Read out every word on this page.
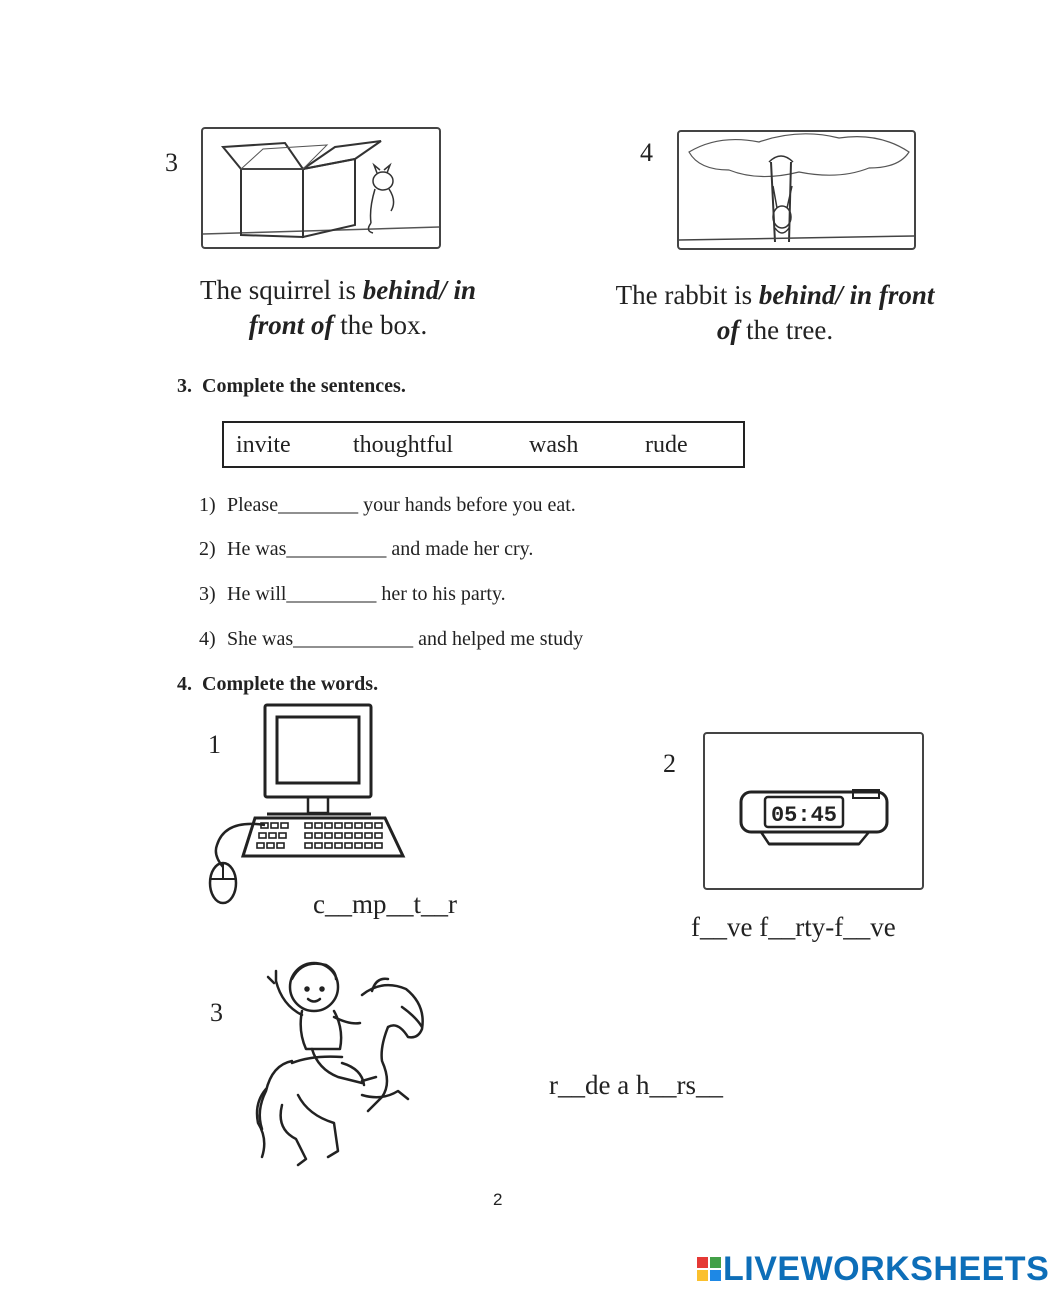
3
The squirrel is behind/ in
front of the box.
4
The rabbit is behind/ in front
of the tree.
3.  Complete the sentences.
invite	thoughtful	wash	rude
1) Please________ your hands before you eat.
2) He was__________ and made her cry.
3) He will_________ her to his party.
4) She was____________ and helped me study
4.  Complete the words.
1
c__mp__t__r
2
05:45
f__ve f__rty-f__ve
3
r__de a h__rs__
2
LIVEWORKSHEETS
